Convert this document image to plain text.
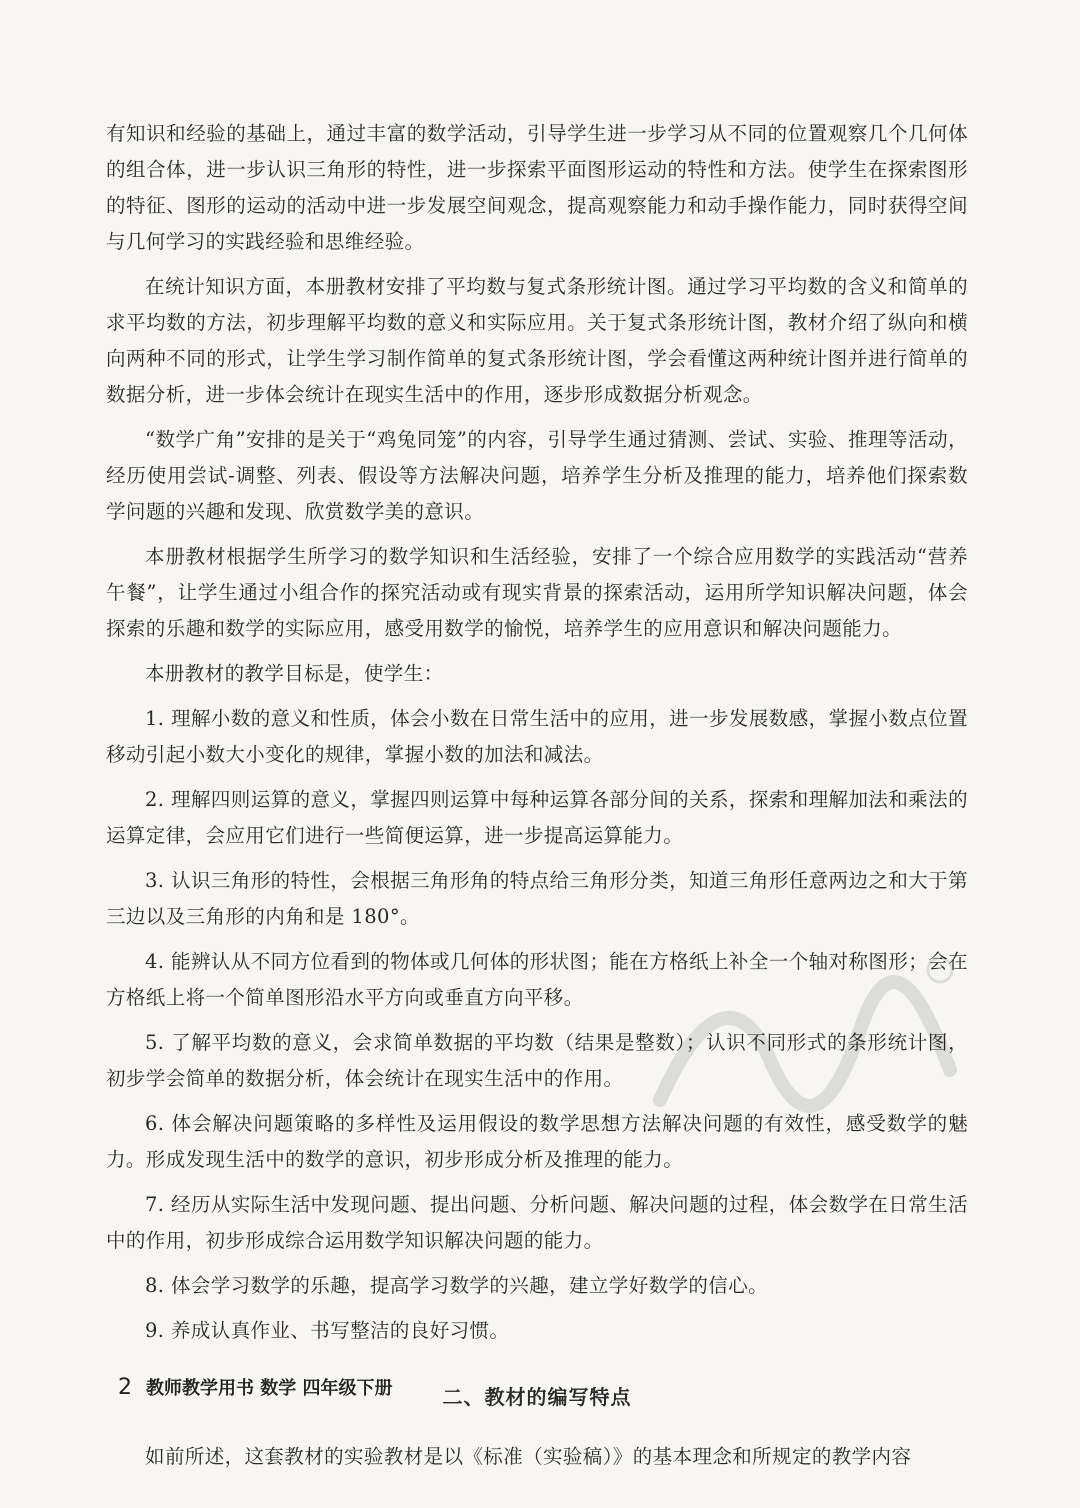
有知识和经验的基础上，通过丰富的数学活动，引导学生进一步学习从不同的位置观察几个几何体的组合体，进一步认识三角形的特性，进一步探索平面图形运动的特性和方法。使学生在探索图形的特征、图形的运动的活动中进一步发展空间观念，提高观察能力和动手操作能力，同时获得空间与几何学习的实践经验和思维经验。

在统计知识方面，本册教材安排了平均数与复式条形统计图。通过学习平均数的含义和简单的求平均数的方法，初步理解平均数的意义和实际应用。关于复式条形统计图，教材介绍了纵向和横向两种不同的形式，让学生学习制作简单的复式条形统计图，学会看懂这两种统计图并进行简单的数据分析，进一步体会统计在现实生活中的作用，逐步形成数据分析观念。

“数学广角”安排的是关于“鸡兔同笼”的内容，引导学生通过猜测、尝试、实验、推理等活动，经历使用尝试-调整、列表、假设等方法解决问题，培养学生分析及推理的能力，培养他们探索数学问题的兴趣和发现、欣赏数学美的意识。

本册教材根据学生所学习的数学知识和生活经验，安排了一个综合应用数学的实践活动“营养午餐”，让学生通过小组合作的探究活动或有现实背景的探索活动，运用所学知识解决问题，体会探索的乐趣和数学的实际应用，感受用数学的愉悦，培养学生的应用意识和解决问题能力。

本册教材的教学目标是，使学生：

1. 理解小数的意义和性质，体会小数在日常生活中的应用，进一步发展数感，掌握小数点位置移动引起小数大小变化的规律，掌握小数的加法和减法。

2. 理解四则运算的意义，掌握四则运算中每种运算各部分间的关系，探索和理解加法和乘法的运算定律，会应用它们进行一些简便运算，进一步提高运算能力。

3. 认识三角形的特性，会根据三角形角的特点给三角形分类，知道三角形任意两边之和大于第三边以及三角形的内角和是 180°。

4. 能辨认从不同方位看到的物体或几何体的形状图；能在方格纸上补全一个轴对称图形；会在方格纸上将一个简单图形沿水平方向或垂直方向平移。

5. 了解平均数的意义，会求简单数据的平均数（结果是整数）；认识不同形式的条形统计图，初步学会简单的数据分析，体会统计在现实生活中的作用。

6. 体会解决问题策略的多样性及运用假设的数学思想方法解决问题的有效性，感受数学的魅力。形成发现生活中的数学的意识，初步形成分析及推理的能力。

7. 经历从实际生活中发现问题、提出问题、分析问题、解决问题的过程，体会数学在日常生活中的作用，初步形成综合运用数学知识解决问题的能力。

8. 体会学习数学的乐趣，提高学习数学的兴趣，建立学好数学的信心。

9. 养成认真作业、书写整洁的良好习惯。

二、教材的编写特点

如前所述，这套教材的实验教材是以《标准（实验稿）》的基本理念和所规定的教学内容

2 教师教学用书 数学 四年级下册
